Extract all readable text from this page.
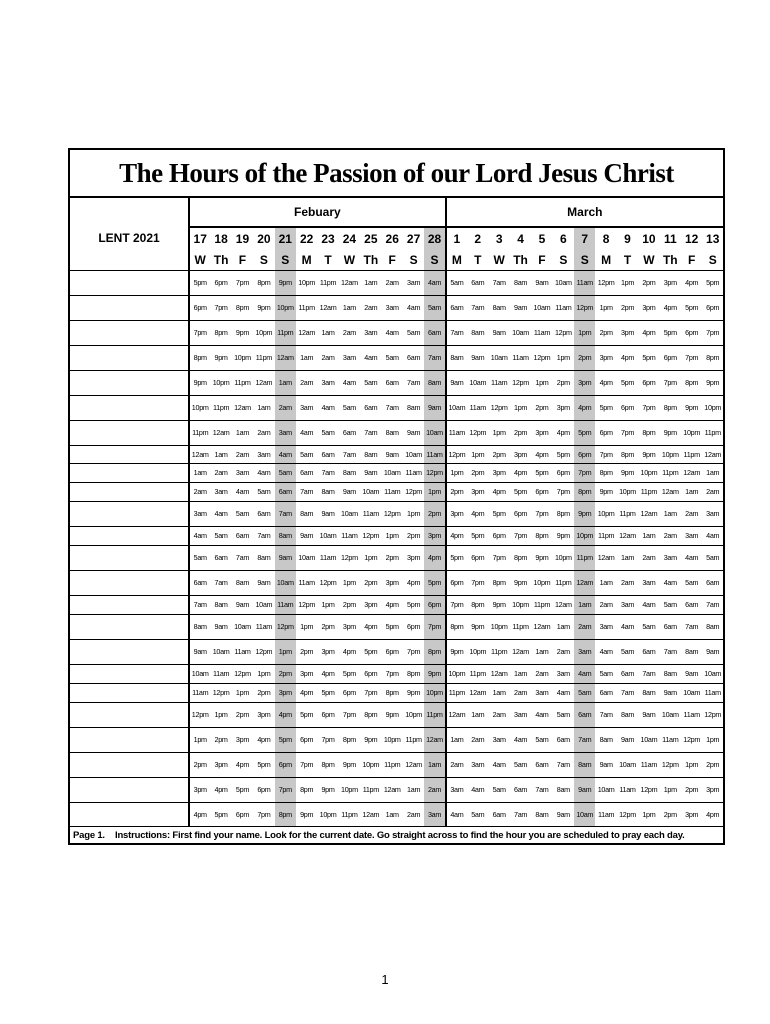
The Hours of the Passion of our Lord Jesus Christ																									
LENT 2021	Febuary												March												
	17	18	19	20	21	22	23	24	25	26	27	28	1	2	3	4	5	6	7	8	9	10	11	12	13
	W	Th	F	S	S	M	T	W	Th	F	S	S	M	T	W	Th	F	S	S	M	T	W	Th	F	S
	5pm	6pm	7pm	8pm	9pm	10pm	11pm	12am	1am	2am	3am	4am	5am	6am	7am	8am	9am	10am	11am	12pm	1pm	2pm	3pm	4pm	5pm
	6pm	7pm	8pm	9pm	10pm	11pm	12am	1am	2am	3am	4am	5am	6am	7am	8am	9am	10am	11am	12pm	1pm	2pm	3pm	4pm	5pm	6pm
	7pm	8pm	9pm	10pm	11pm	12am	1am	2am	3am	4am	5am	6am	7am	8am	9am	10am	11am	12pm	1pm	2pm	3pm	4pm	5pm	6pm	7pm
	8pm	9pm	10pm	11pm	12am	1am	2am	3am	4am	5am	6am	7am	8am	9am	10am	11am	12pm	1pm	2pm	3pm	4pm	5pm	6pm	7pm	8pm
	9pm	10pm	11pm	12am	1am	2am	3am	4am	5am	6am	7am	8am	9am	10am	11am	12pm	1pm	2pm	3pm	4pm	5pm	6pm	7pm	8pm	9pm
	10pm	11pm	12am	1am	2am	3am	4am	5am	6am	7am	8am	9am	10am	11am	12pm	1pm	2pm	3pm	4pm	5pm	6pm	7pm	8pm	9pm	10pm
	11pm	12am	1am	2am	3am	4am	5am	6am	7am	8am	9am	10am	11am	12pm	1pm	2pm	3pm	4pm	5pm	6pm	7pm	8pm	9pm	10pm	11pm
	12am	1am	2am	3am	4am	5am	6am	7am	8am	9am	10am	11am	12pm	1pm	2pm	3pm	4pm	5pm	6pm	7pm	8pm	9pm	10pm	11pm	12am
	1am	2am	3am	4am	5am	6am	7am	8am	9am	10am	11am	12pm	1pm	2pm	3pm	4pm	5pm	6pm	7pm	8pm	9pm	10pm	11pm	12am	1am
	2am	3am	4am	5am	6am	7am	8am	9am	10am	11am	12pm	1pm	2pm	3pm	4pm	5pm	6pm	7pm	8pm	9pm	10pm	11pm	12am	1am	2am
	3am	4am	5am	6am	7am	8am	9am	10am	11am	12pm	1pm	2pm	3pm	4pm	5pm	6pm	7pm	8pm	9pm	10pm	11pm	12am	1am	2am	3am
	4am	5am	6am	7am	8am	9am	10am	11am	12pm	1pm	2pm	3pm	4pm	5pm	6pm	7pm	8pm	9pm	10pm	11pm	12am	1am	2am	3am	4am
	5am	6am	7am	8am	9am	10am	11am	12pm	1pm	2pm	3pm	4pm	5pm	6pm	7pm	8pm	9pm	10pm	11pm	12am	1am	2am	3am	4am	5am
	6am	7am	8am	9am	10am	11am	12pm	1pm	2pm	3pm	4pm	5pm	6pm	7pm	8pm	9pm	10pm	11pm	12am	1am	2am	3am	4am	5am	6am
	7am	8am	9am	10am	11am	12pm	1pm	2pm	3pm	4pm	5pm	6pm	7pm	8pm	9pm	10pm	11pm	12am	1am	2am	3am	4am	5am	6am	7am
	8am	9am	10am	11am	12pm	1pm	2pm	3pm	4pm	5pm	6pm	7pm	8pm	9pm	10pm	11pm	12am	1am	2am	3am	4am	5am	6am	7am	8am
	9am	10am	11am	12pm	1pm	2pm	3pm	4pm	5pm	6pm	7pm	8pm	9pm	10pm	11pm	12am	1am	2am	3am	4am	5am	6am	7am	8am	9am
	10am	11am	12pm	1pm	2pm	3pm	4pm	5pm	6pm	7pm	8pm	9pm	10pm	11pm	12am	1am	2am	3am	4am	5am	6am	7am	8am	9am	10am
	11am	12pm	1pm	2pm	3pm	4pm	5pm	6pm	7pm	8pm	9pm	10pm	11pm	12am	1am	2am	3am	4am	5am	6am	7am	8am	9am	10am	11am
	12pm	1pm	2pm	3pm	4pm	5pm	6pm	7pm	8pm	9pm	10pm	11pm	12am	1am	2am	3am	4am	5am	6am	7am	8am	9am	10am	11am	12pm
	1pm	2pm	3pm	4pm	5pm	6pm	7pm	8pm	9pm	10pm	11pm	12am	1am	2am	3am	4am	5am	6am	7am	8am	9am	10am	11am	12pm	1pm
	2pm	3pm	4pm	5pm	6pm	7pm	8pm	9pm	10pm	11pm	12am	1am	2am	3am	4am	5am	6am	7am	8am	9am	10am	11am	12pm	1pm	2pm
	3pm	4pm	5pm	6pm	7pm	8pm	9pm	10pm	11pm	12am	1am	2am	3am	4am	5am	6am	7am	8am	9am	10am	11am	12pm	1pm	2pm	3pm
	4pm	5pm	6pm	7pm	8pm	9pm	10pm	11pm	12am	1am	2am	3am	4am	5am	6am	7am	8am	9am	10am	11am	12pm	1pm	2pm	3pm	4pm
Page 1. Instructions: First find your name. Look for the current date. Go straight across to find the hour you are scheduled to pray each day.																									
1
